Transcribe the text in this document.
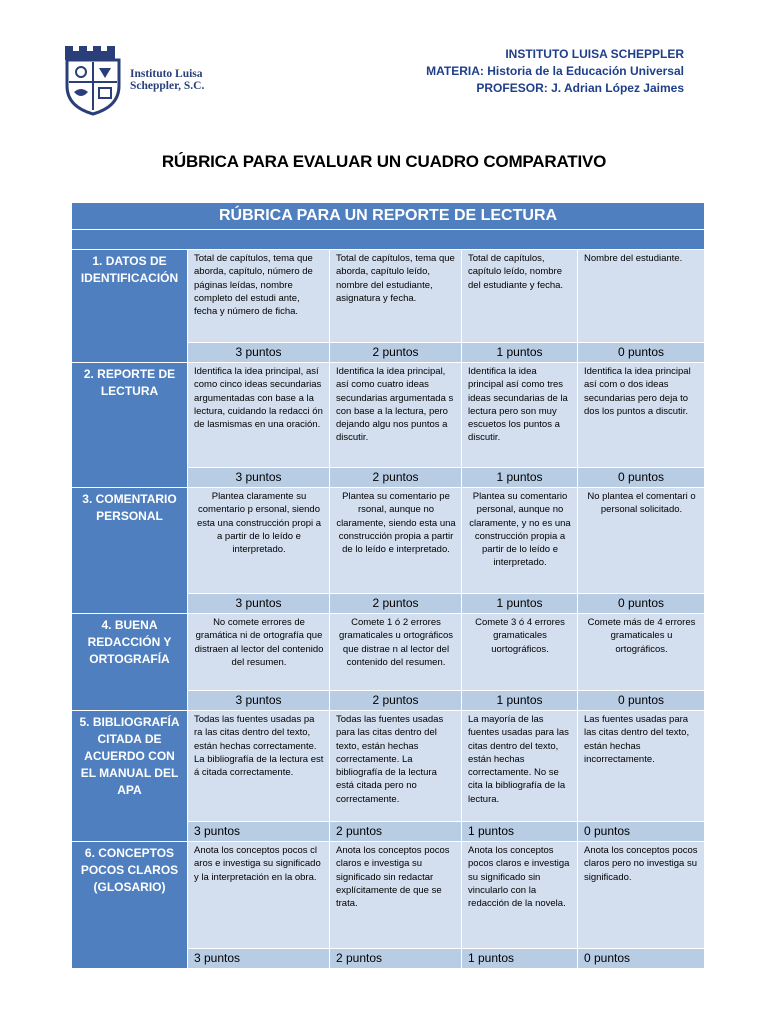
Instituto Luisa
Scheppler, S.C.
INSTITUTO LUISA SCHEPPLER
MATERIA: Historia de la Educación Universal
PROFESOR: J. Adrian López Jaimes
RÚBRICA PARA EVALUAR UN CUADRO COMPARATIVO
RÚBRICA PARA UN REPORTE DE LECTURA				

1. DATOS DE IDENTIFICACIÓN	Total de capítulos, tema que aborda, capítulo, número de páginas leídas, nombre completo del estudi ante, fecha y número de ficha.	Total de capítulos, tema que aborda, capítulo leído, nombre del estudiante, asignatura y fecha.	Total de capítulos, capítulo leído, nombre del estudiante y fecha.	Nombre del estudiante.
	3 puntos	2 puntos	1 puntos	0 puntos
2. REPORTE DE LECTURA	Identifica la idea principal, así como cinco ideas secundarias argumentadas con base a la lectura, cuidando la redacci ón de lasmismas en una oración.	Identifica la idea principal, así como cuatro ideas secundarias argumentada s con base a la lectura, pero dejando algu nos puntos a discutir.	Identifica la idea principal así como tres ideas secundarias de la lectura pero son muy escuetos los puntos a discutir.	Identifica la idea principal así com o dos ideas secundarias pero deja to dos los puntos a discutir.
	3 puntos	2 puntos	1 puntos	0 puntos
3. COMENTARIO PERSONAL	Plantea claramente su comentario p ersonal, siendo esta una construcción propi a a partir de lo leído e interpretado.	Plantea su comentario pe rsonal, aunque no claramente, siendo esta una construcción propia a partir de lo leído e interpretado.	Plantea su comentario personal, aunque no claramente, y no es una construcción propia a partir de lo leído e interpretado.	No plantea el comentari o personal solicitado.
	3 puntos	2 puntos	1 puntos	0 puntos
4. BUENA REDACCIÓN Y ORTOGRAFÍA	No comete errores de gramática ni de ortografía que distraen al lector del contenido del resumen.	Comete 1 ó 2 errores gramaticales u ortográficos que distrae n al lector del contenido del resumen.	Comete 3 ó 4 errores gramaticales uortográficos.	Comete más de 4 errores gramaticales u ortográficos.
	3 puntos	2 puntos	1 puntos	0 puntos
5. BIBLIOGRAFÍA CITADA DE ACUERDO CON EL MANUAL DEL APA	Todas las fuentes usadas pa ra las citas dentro del texto, están hechas correctamente. La bibliografía de la lectura est á citada correctamente.	Todas las fuentes usadas para las citas dentro del texto, están hechas correctamente. La bibliografía de la lectura está citada pero no correctamente.	La mayoría de las fuentes usadas para las citas dentro del texto, están hechas correctamente. No se cita la bibliografía de la lectura.	Las fuentes usadas para las citas dentro del texto, están hechas incorrectamente.
	3 puntos	2 puntos	1 puntos	0 puntos
6. CONCEPTOS POCOS CLAROS (GLOSARIO)	Anota los conceptos pocos cl aros e investiga su significado y la interpretación en la obra.	Anota los conceptos pocos claros e investiga su significado sin redactar explícitamente de que se trata.	Anota los conceptos pocos claros e investiga su significado sin vincularlo con la redacción de la novela.	Anota los conceptos pocos claros pero no investiga su significado.
	3 puntos	2 puntos	1 puntos	0 puntos
